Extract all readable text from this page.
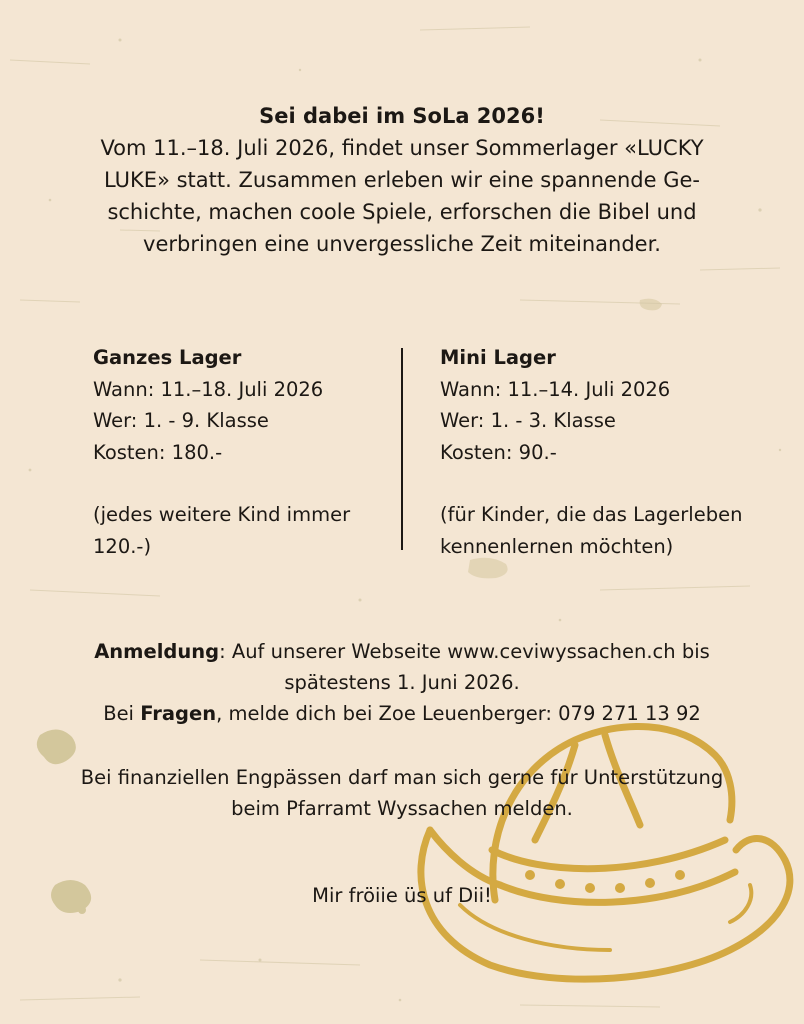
Sei dabei im SoLa 2026!
Vom 11.–18. Juli 2026, findet unser Sommerlager «LUCKY
LUKE» statt. Zusammen erleben wir eine spannende Ge-
schichte, machen coole Spiele, erforschen die Bibel und
verbringen eine unvergessliche Zeit miteinander.
Ganzes Lager
Wann: 11.–18. Juli 2026
Wer: 1. - 9. Klasse
Kosten: 180.-
(jedes weitere Kind immer
120.-)
Mini Lager
Wann: 11.–14. Juli 2026
Wer: 1. - 3. Klasse
Kosten: 90.-
(für Kinder, die das Lagerleben
kennenlernen möchten)
Anmeldung: Auf unserer Webseite www.ceviwyssachen.ch bis
spätestens 1. Juni 2026.
Bei Fragen, melde dich bei Zoe Leuenberger: 079 271 13 92
Bei finanziellen Engpässen darf man sich gerne für Unterstützung
beim Pfarramt Wyssachen melden.
Mir fröiie üs uf Dii!
